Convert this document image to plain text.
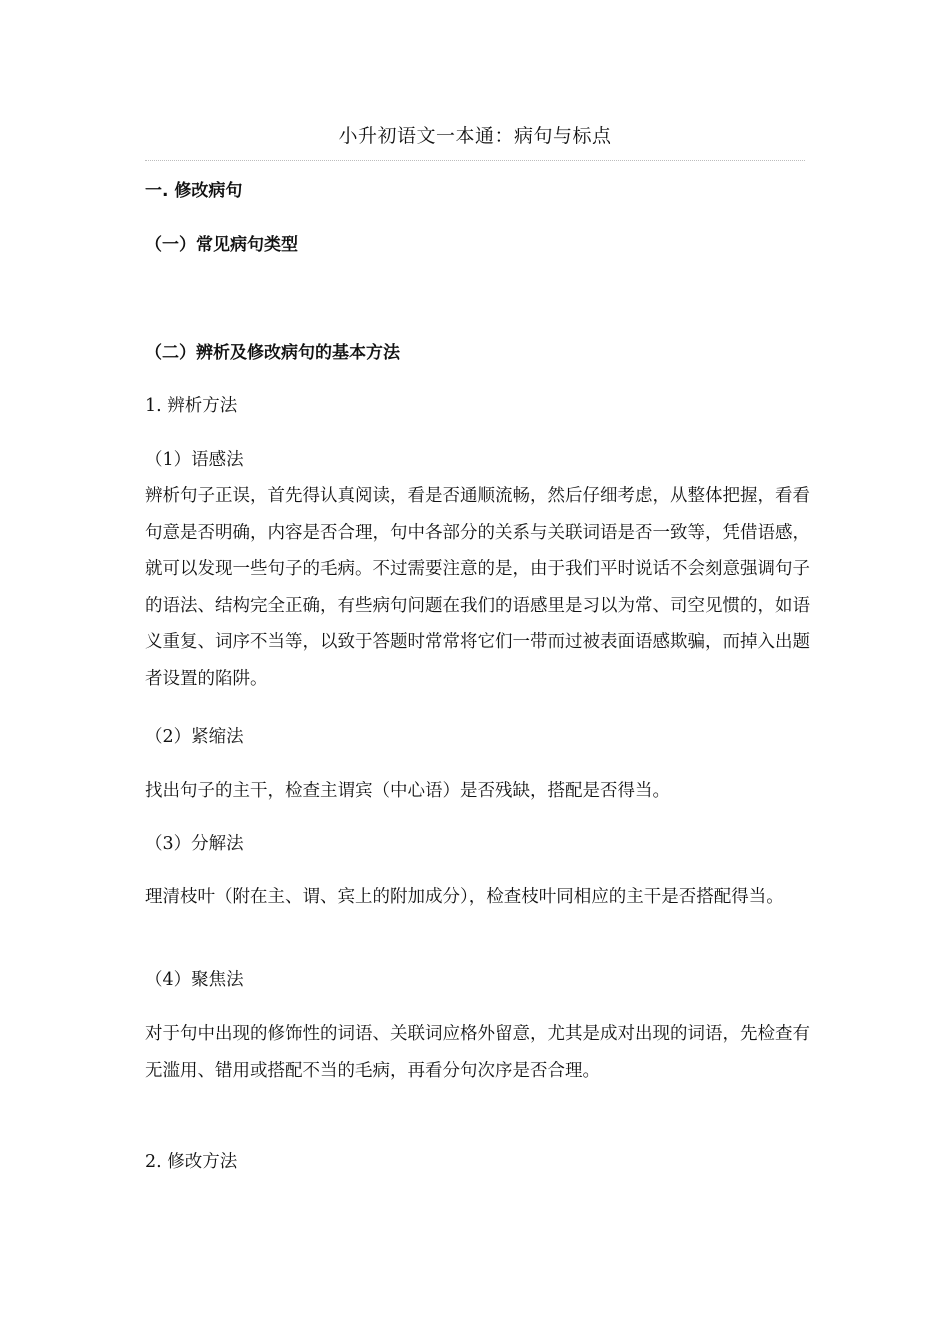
小升初语文一本通：病句与标点
一. 修改病句
（一）常见病句类型
（二）辨析及修改病句的基本方法
1. 辨析方法
（1）语感法
辨析句子正误，首先得认真阅读，看是否通顺流畅，然后仔细考虑，从整体把握，看看句意是否明确，内容是否合理，句中各部分的关系与关联词语是否一致等，凭借语感，就可以发现一些句子的毛病。不过需要注意的是，由于我们平时说话不会刻意强调句子的语法、结构完全正确，有些病句问题在我们的语感里是习以为常、司空见惯的，如语义重复、词序不当等，以致于答题时常常将它们一带而过被表面语感欺骗，而掉入出题者设置的陷阱。
（2）紧缩法
找出句子的主干，检查主谓宾（中心语）是否残缺，搭配是否得当。
（3）分解法
理清枝叶（附在主、谓、宾上的附加成分），检查枝叶同相应的主干是否搭配得当。
（4）聚焦法
对于句中出现的修饰性的词语、关联词应格外留意，尤其是成对出现的词语，先检查有无滥用、错用或搭配不当的毛病，再看分句次序是否合理。
2. 修改方法
